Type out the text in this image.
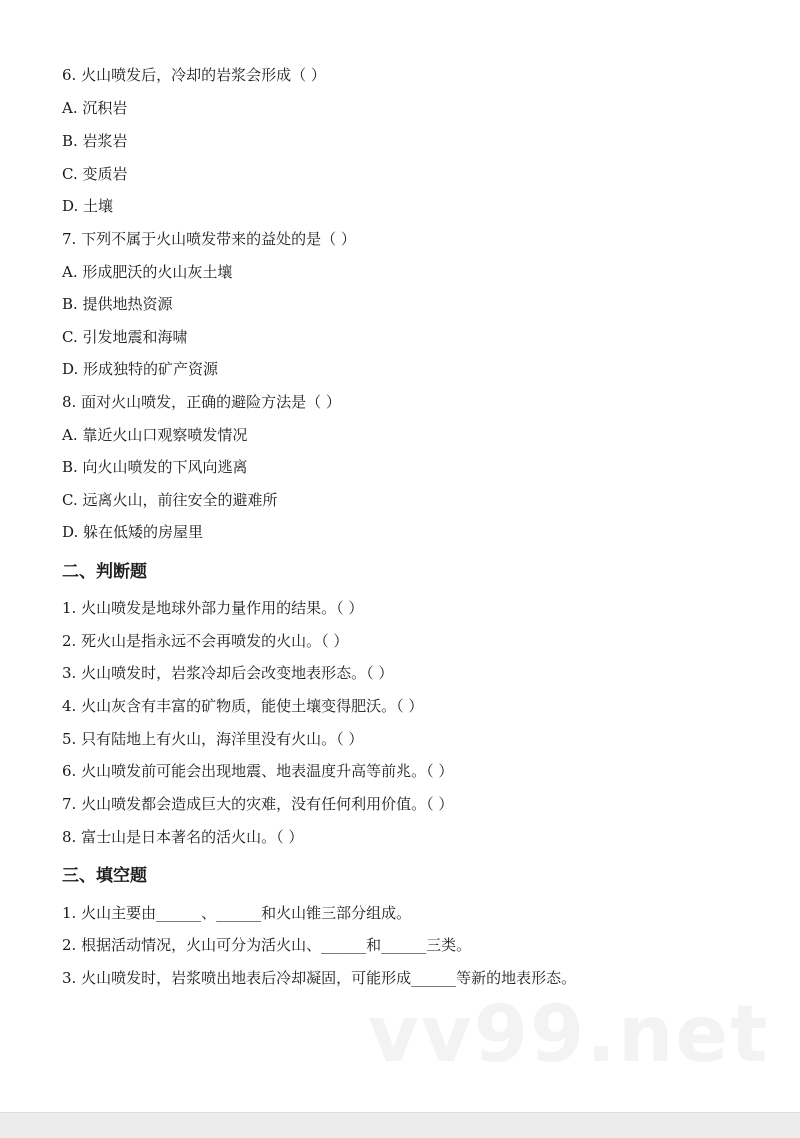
6. 火山喷发后，冷却的岩浆会形成（ ）
A. 沉积岩
B. 岩浆岩
C. 变质岩
D. 土壤
7. 下列不属于火山喷发带来的益处的是（ ）
A. 形成肥沃的火山灰土壤
B. 提供地热资源
C. 引发地震和海啸
D. 形成独特的矿产资源
8. 面对火山喷发，正确的避险方法是（ ）
A. 靠近火山口观察喷发情况
B. 向火山喷发的下风向逃离
C. 远离火山，前往安全的避难所
D. 躲在低矮的房屋里
二、判断题
1. 火山喷发是地球外部力量作用的结果。（ ）
2. 死火山是指永远不会再喷发的火山。（ ）
3. 火山喷发时，岩浆冷却后会改变地表形态。（ ）
4. 火山灰含有丰富的矿物质，能使土壤变得肥沃。（ ）
5. 只有陆地上有火山，海洋里没有火山。（ ）
6. 火山喷发前可能会出现地震、地表温度升高等前兆。（ ）
7. 火山喷发都会造成巨大的灾难，没有任何利用价值。（ ）
8. 富士山是日本著名的活火山。（ ）
三、填空题
1. 火山主要由______、______和火山锥三部分组成。
2. 根据活动情况，火山可分为活火山、______和______三类。
3. 火山喷发时，岩浆喷出地表后冷却凝固，可能形成______等新的地表形态。
vv99.net
